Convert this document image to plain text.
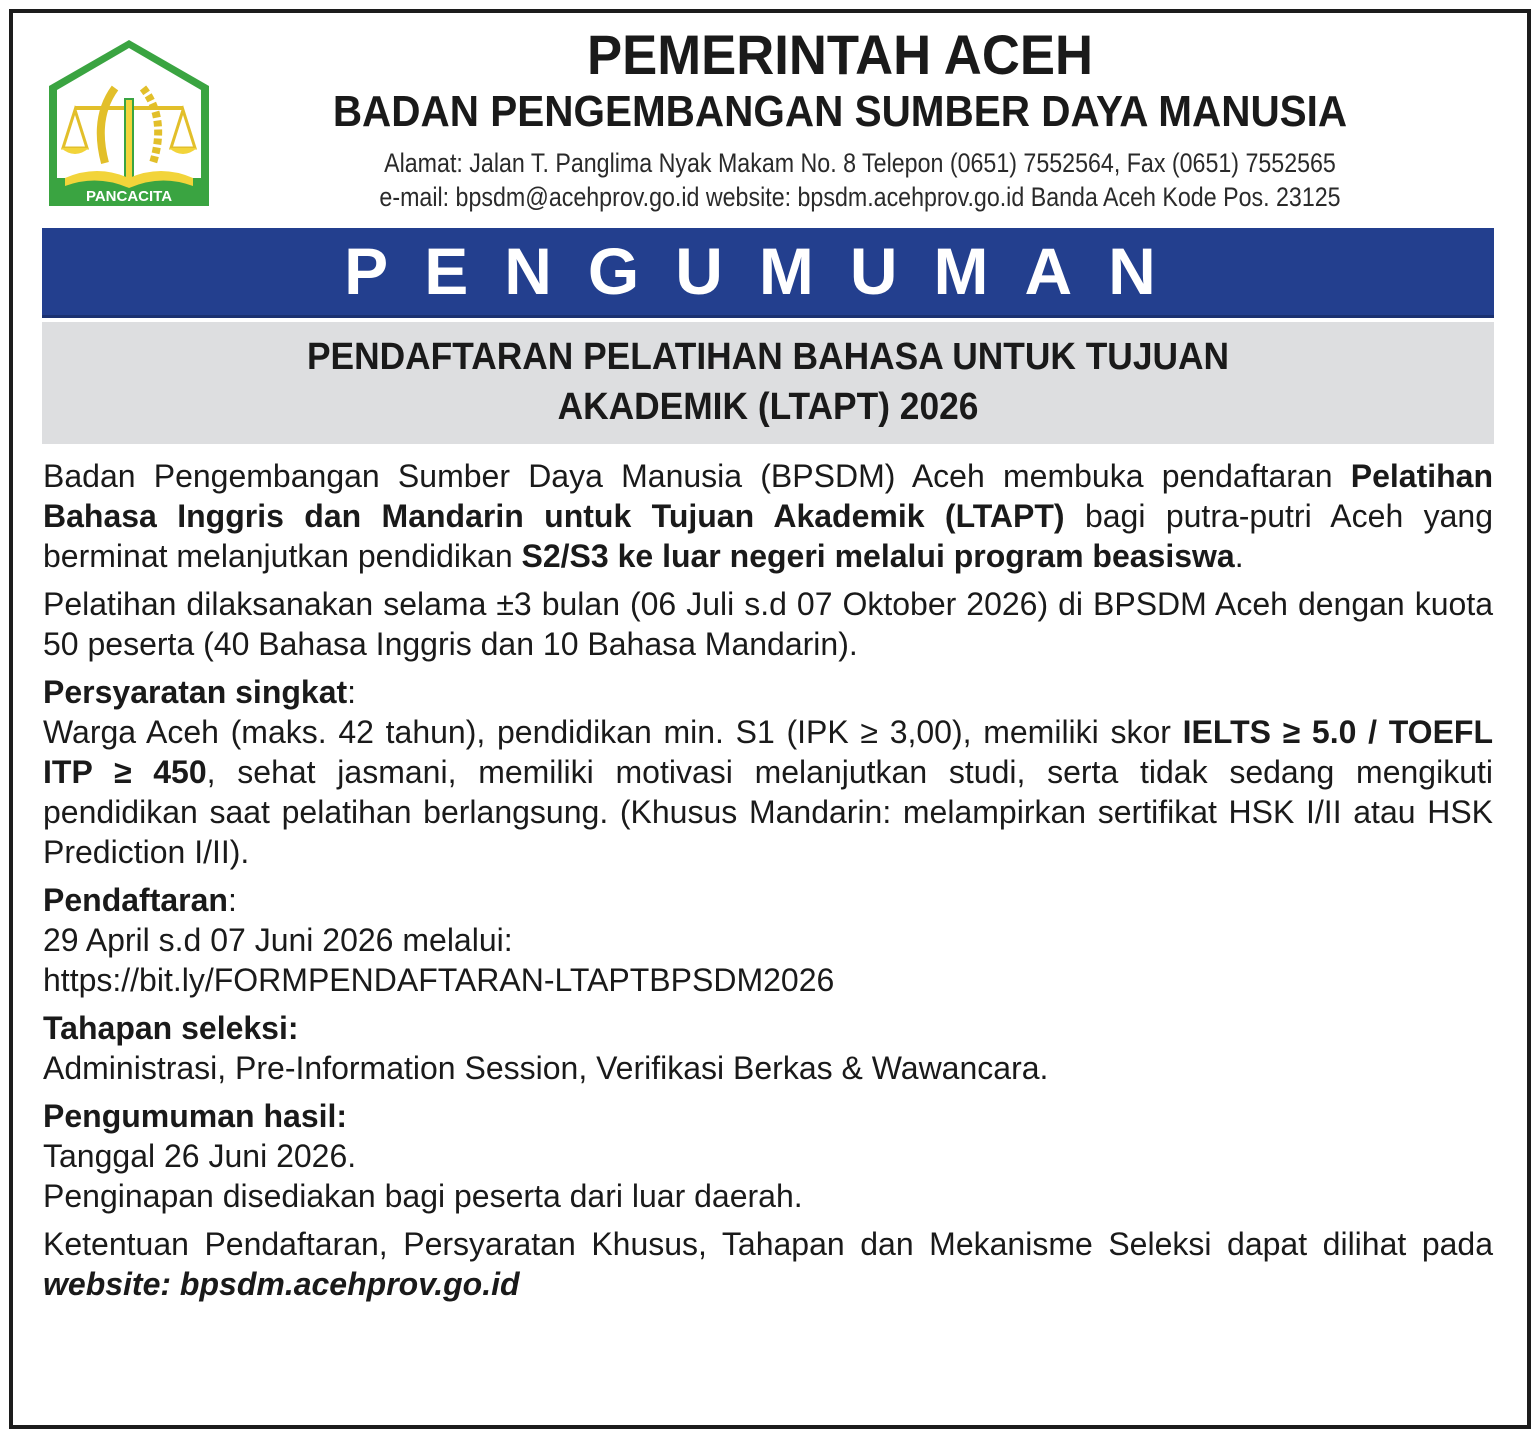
PANCACITA
PEMERINTAH ACEH
BADAN PENGEMBANGAN SUMBER DAYA MANUSIA
Alamat: Jalan T. Panglima Nyak Makam No. 8 Telepon (0651) 7552564, Fax (0651) 7552565
e-mail: bpsdm@acehprov.go.id website: bpsdm.acehprov.go.id Banda Aceh Kode Pos. 23125
PENGUMUMAN
PENDAFTARAN PELATIHAN BAHASA UNTUK TUJUAN
AKADEMIK (LTAPT) 2026

Badan Pengembangan Sumber Daya Manusia (BPSDM) Aceh membuka pendaftaran Pelatihan Bahasa Inggris dan Mandarin untuk Tujuan Akademik (LTAPT) bagi putra-putri Aceh yang berminat melanjutkan pendidikan S2/S3 ke luar negeri melalui program beasiswa.

Pelatihan dilaksanakan selama ±3 bulan (06 Juli s.d 07 Oktober 2026) di BPSDM Aceh dengan kuota 50 peserta (40 Bahasa Inggris dan 10 Bahasa Mandarin).

Persyaratan singkat:
Warga Aceh (maks. 42 tahun), pendidikan min. S1 (IPK ≥ 3,00), memiliki skor IELTS ≥ 5.0 / TOEFL ITP ≥ 450, sehat jasmani, memiliki motivasi melanjutkan studi, serta tidak sedang mengikuti pendidikan saat pelatihan berlangsung. (Khusus Mandarin: melampirkan sertifikat HSK I/II atau HSK Prediction I/II).

Pendaftaran:
29 April s.d 07 Juni 2026 melalui:
https://bit.ly/FORMPENDAFTARAN-LTAPTBPSDM2026

Tahapan seleksi:
Administrasi, Pre-Information Session, Verifikasi Berkas & Wawancara.

Pengumuman hasil:
Tanggal 26 Juni 2026.
Penginapan disediakan bagi peserta dari luar daerah.

Ketentuan Pendaftaran, Persyaratan Khusus, Tahapan dan Mekanisme Seleksi dapat dilihat pada website: bpsdm.acehprov.go.id
